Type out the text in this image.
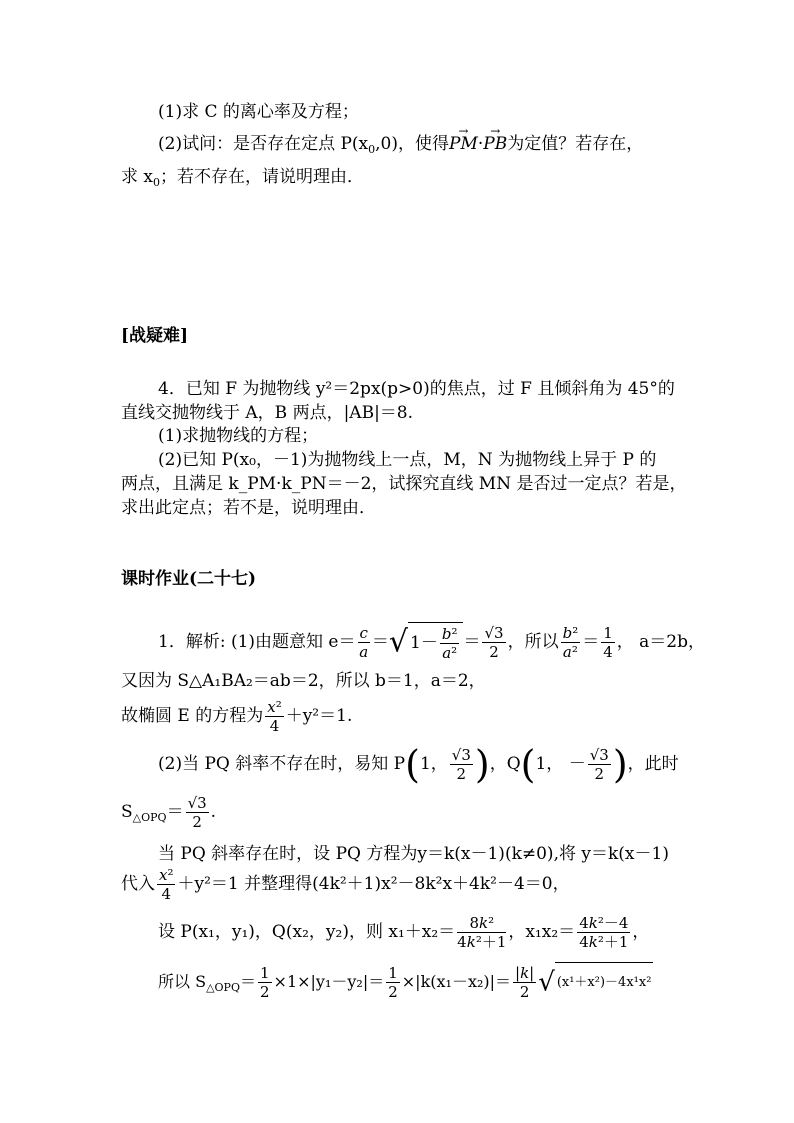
(1)求 C 的离心率及方程；
(2)试问：是否存在定点 $P(x_0,0)$，使得→ PM·→ PB为定值？若存在，
求 $x_0$；若不存在，请说明理由．
[战疑难]
4．已知 F 为抛物线 y²＝2px(p>0)的焦点，过 F 且倾斜角为 45°的
直线交抛物线于 A，B 两点，|AB|＝8.
(1)求抛物线的方程；
(2)已知 P(x₀，－1)为抛物线上一点，M，N 为抛物线上异于 P 的
两点，且满足 k_PM·k_PN＝－2，试探究直线 MN 是否过一定点？若是，
求出此定点；若不是，说明理由．
课时作业(二十七)
1．解析: (1)由题意知 $e= \frac{c}{a}$ ＝√ $1- \frac{\text{b²}}{\text{a²}} = \frac{√3}{2}$ ，所以 $\frac{\text{b²}}{\text{a²}} = \frac{1}{4}$ ， a＝2b，
又因为 S△A₁BA₂＝ab＝2，所以 b＝1，a＝2，
故椭圆 E 的方程为 $\frac{\text{x²}}{4} +y^2=1$.
(2)当 PQ 斜率不存在时，易知 P(1， $\frac{√3}{2}$ )，Q(1， － $\frac{√3}{2}$ )，此时
$S_{\triangle OPQ}= \frac{√3}{2}$ .
当 PQ 斜率存在时，设 PQ 方程为y＝k(x－1)(k≠0),将 y＝k(x－1)
代入 $\frac{\text{x²}}{4} +y^2=1$ 并整理得(4k²＋1)x²－8k²x＋4k²－4＝0，
设 P(x₁，y₁)，Q(x₂，y₂)，则 $x_1+x_2= \frac{\text{8k²}}{\text{4k²＋1}}$ ，$x_1x_2= \frac{\text{4k²－4}}{\text{4k²＋1}}$ ，
所以 $S_{\triangle OPQ}= \frac{1}{2} \times 1\times|y_1-y_2|= \frac{1}{2} \times|k(x_1-x_2)|= \frac{|k|}{2}$ √ (x¹＋x²)－4x¹x²
